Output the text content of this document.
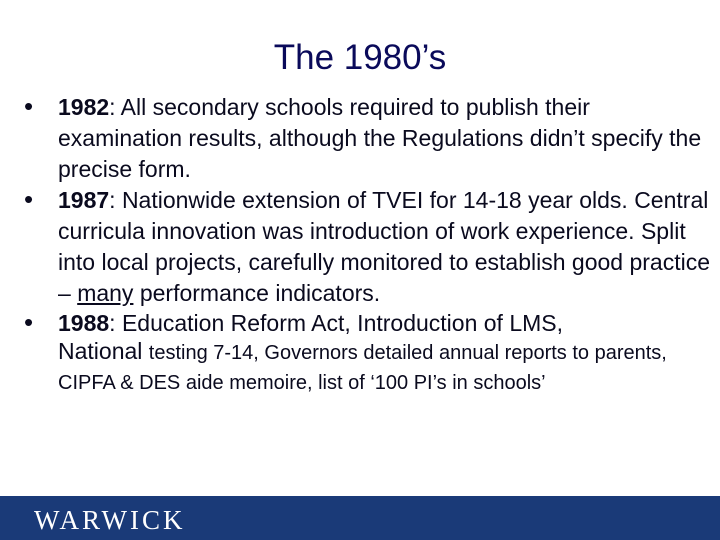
The 1980’s
• 1982: All secondary schools required to publish their examination results, although the Regulations didn’t specify the precise form.
• 1987: Nationwide extension of TVEI for 14-18 year olds. Central curricula innovation was introduction of work experience. Split into local projects, carefully monitored to establish good practice – many performance indicators.
• 1988: Education Reform Act, Introduction of LMS,
National testing 7-14, Governors detailed annual reports to parents, CIPFA & DES aide memoire, list of ‘100 PI’s in schools’
WARWICK
